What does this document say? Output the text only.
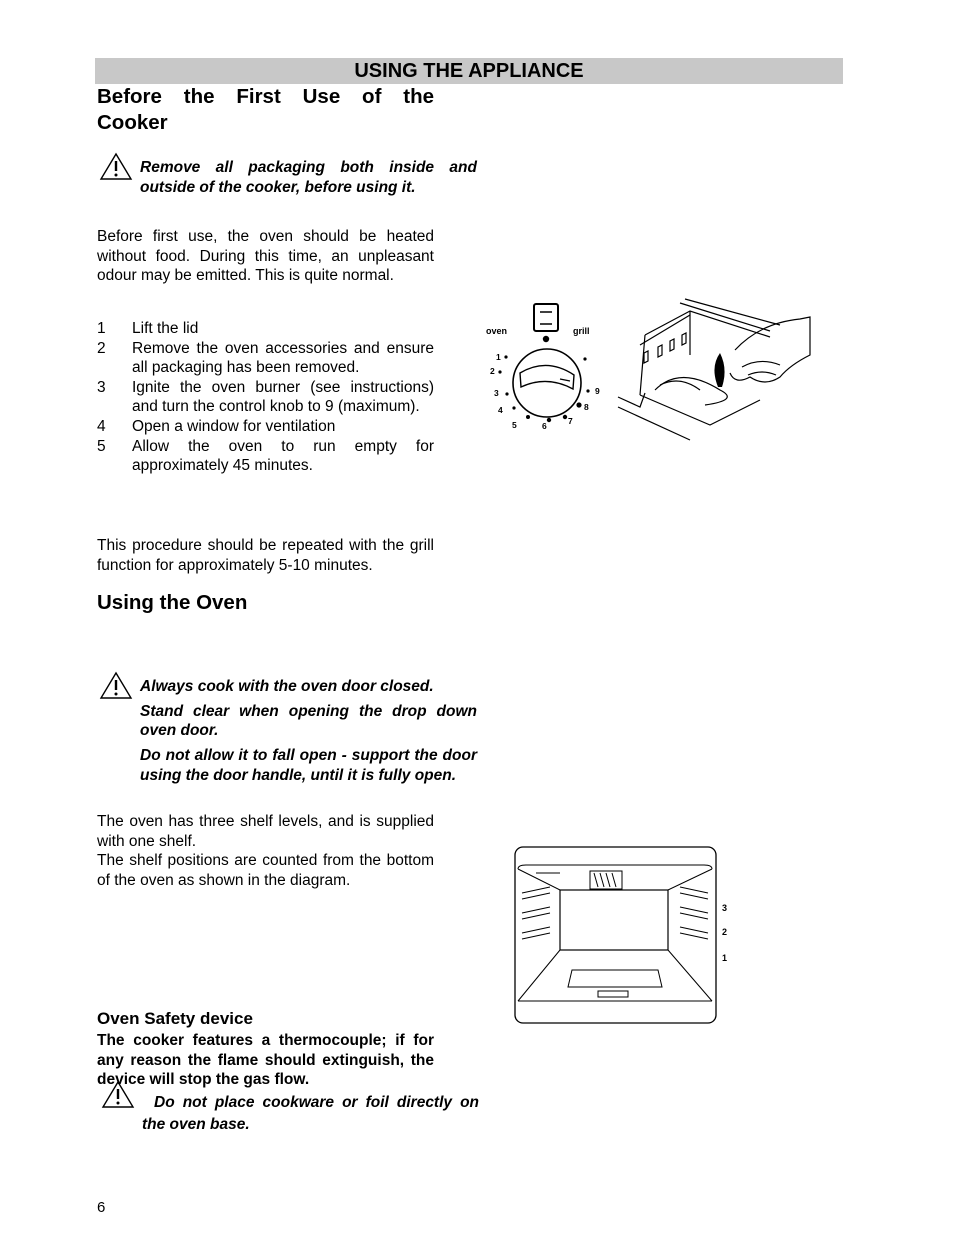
USING THE APPLIANCE
Before the First Use of the
Cooker
Remove all packaging both inside and outside of the cooker, before using it.

Before first use, the oven should be heated without food. During this time, an unpleasant odour may be emitted. This is quite normal.

1	Lift the lid
2	Remove the oven accessories and ensure all packaging has been removed.
3	Ignite the oven burner (see instructions) and turn the control knob to 9 (maximum).
4	Open a window for ventilation
5	Allow the oven to run empty for approximately 45 minutes.

This procedure should be repeated with the grill function for approximately 5-10 minutes.

Using the Oven
Always cook with the oven door closed.
Stand clear when opening the drop down oven door.
Do not allow it to fall open - support the door using the door handle, until it is fully open.

The oven has three shelf levels, and is supplied with one shelf.

The shelf positions are counted from the bottom of the oven as shown in the diagram.

Do not place cookware or foil directly on the oven base.
Oven Safety device

The cooker features a thermocouple; if for any reason the flame should extinguish, the device will stop the gas flow.

oven	grill
1
2
3
4
5	6	7
8
9
3
2
1
6
